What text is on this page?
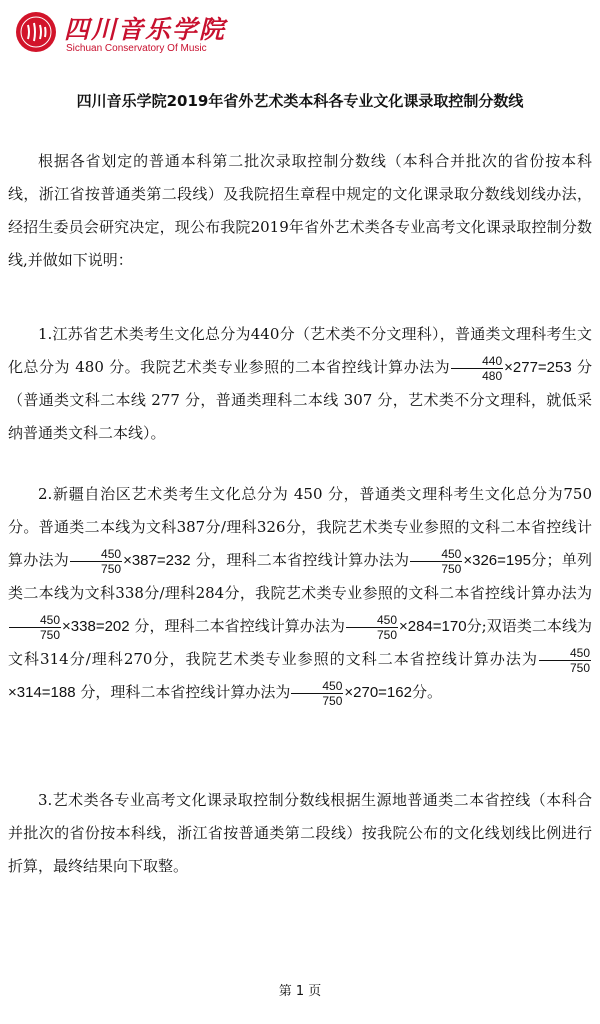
四川音乐学院
Sichuan Conservatory Of Music
四川音乐学院2019年省外艺术类本科各专业文化课录取控制分数线

根据各省划定的普通本科第二批次录取控制分数线（本科合并批次的省份按本科线，浙江省按普通类第二段线）及我院招生章程中规定的文化课录取分数线划线办法，经招生委员会研究决定，现公布我院2019年省外艺术类各专业高考文化课录取控制分数线,并做如下说明：

1.江苏省艺术类考生文化总分为440分（艺术类不分文理科），普通类文理科考生文化总分为 480 分。我院艺术类专业参照的二本省控线计算办法为 $\frac{440}{480} \times 277=253$ 分（普通类文科二本线 277 分，普通类理科二本线 307 分，艺术类不分文理科，就低采纳普通类文科二本线）。

2.新疆自治区艺术类考生文化总分为 450 分，普通类文理科考生文化总分为750分。普通类二本线为文科387分/理科326分，我院艺术类专业参照的文科二本省控线计算办法为 $\frac{450}{750} \times 387=232$ 分，理科二本省控线计算办法为 $\frac{450}{750} \times 326=195$分；单列类二本线为文科338分/理科284分，我院艺术类专业参照的文科二本省控线计算办法为
$\frac{450}{750} \times 338=202$ 分，理科二本省控线计算办法为 $\frac{450}{750} \times 284=170$分;双语类二本线为文科314分/理科270分，我院艺术类专业参照的文科二本省控线计算办法为 $\frac{450}{750}$
×314=188 分，理科二本省控线计算办法为 $\frac{450}{750} \times 270=162$分。

3.艺术类各专业高考文化课录取控制分数线根据生源地普通类二本省控线（本科合并批次的省份按本科线，浙江省按普通类第二段线）按我院公布的文化线划线比例进行折算，最终结果向下取整。

第 1 页
